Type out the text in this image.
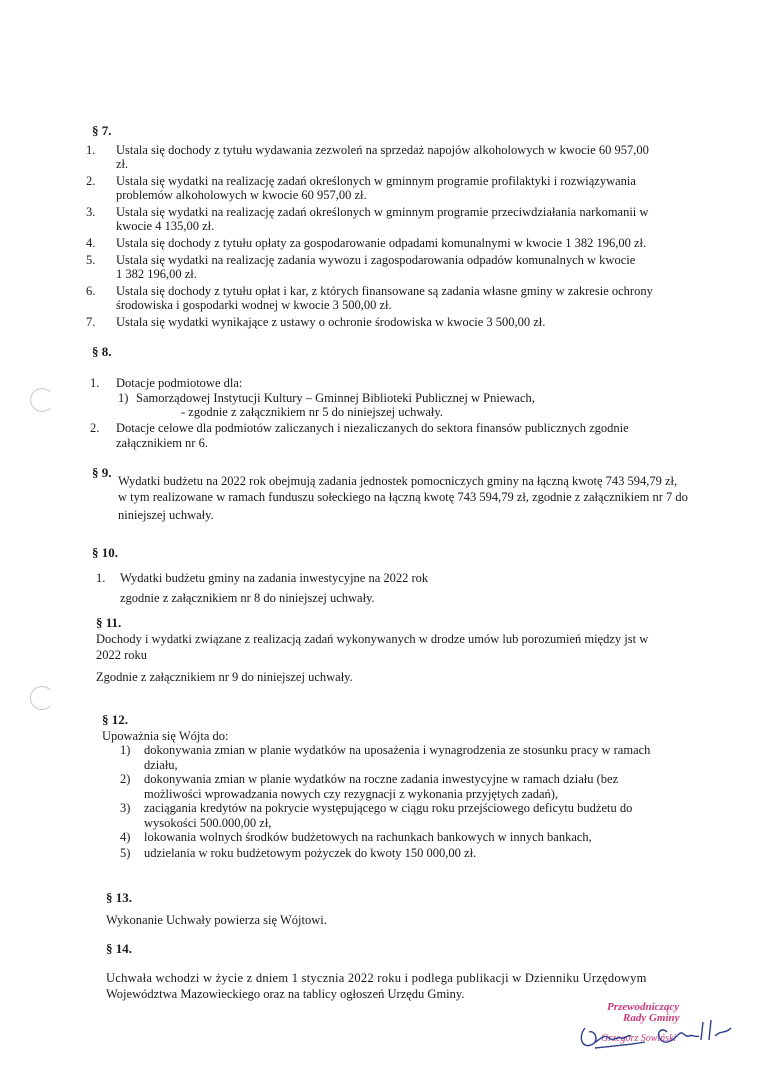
§ 7.
1. Ustala się dochody z tytułu wydawania zezwoleń na sprzedaż napojów alkoholowych w kwocie 60 957,00
zł.
2. Ustala się wydatki na realizację zadań określonych w gminnym programie profilaktyki i rozwiązywania
problemów alkoholowych w kwocie 60 957,00 zł.
3. Ustala się wydatki na realizację zadań określonych w gminnym programie przeciwdziałania narkomanii w
kwocie 4 135,00 zł.
4. Ustala się dochody z tytułu opłaty za gospodarowanie odpadami komunalnymi w kwocie 1 382 196,00 zł.
5. Ustala się wydatki na realizację zadania wywozu i zagospodarowania odpadów komunalnych w kwocie
1 382 196,00 zł.
6. Ustala się dochody z tytułu opłat i kar, z których finansowane są zadania własne gminy w zakresie ochrony
środowiska i gospodarki wodnej w kwocie 3 500,00 zł.
7. Ustala się wydatki wynikające z ustawy o ochronie środowiska w kwocie 3 500,00 zł.
§ 8.
1. Dotacje podmiotowe dla:
1) Samorządowej Instytucji Kultury – Gminnej Biblioteki Publicznej w Pniewach,
- zgodnie z załącznikiem nr 5 do niniejszej uchwały.
2. Dotacje celowe dla podmiotów zaliczanych i niezaliczanych do sektora finansów publicznych zgodnie
załącznikiem nr 6.
§ 9.
Wydatki budżetu na 2022 rok obejmują zadania jednostek pomocniczych gminy na łączną kwotę 743 594,79 zł,
w tym realizowane w ramach funduszu sołeckiego na łączną kwotę 743 594,79 zł, zgodnie z załącznikiem nr 7 do
niniejszej uchwały.
§ 10.
1. Wydatki budżetu gminy na zadania inwestycyjne na 2022 rok
zgodnie z załącznikiem nr 8 do niniejszej uchwały.
§ 11.
Dochody i wydatki związane z realizacją zadań wykonywanych w drodze umów lub porozumień między jst w
2022 roku
Zgodnie z załącznikiem nr 9 do niniejszej uchwały.
§ 12.
Upoważnia się Wójta do:
1) dokonywania zmian w planie wydatków na uposażenia i wynagrodzenia ze stosunku pracy w ramach
działu,
2) dokonywania zmian w planie wydatków na roczne zadania inwestycyjne w ramach działu (bez
możliwości wprowadzania nowych czy rezygnacji z wykonania przyjętych zadań),
3) zaciągania kredytów na pokrycie występującego w ciągu roku przejściowego deficytu budżetu do
wysokości 500.000,00 zł,
4) lokowania wolnych środków budżetowych na rachunkach bankowych w innych bankach,
5) udzielania w roku budżetowym pożyczek do kwoty 150 000,00 zł.
§ 13.
Wykonanie Uchwały powierza się Wójtowi.
§ 14.
Uchwała wchodzi w życie z dniem 1 stycznia 2022 roku i podlega publikacji w Dzienniku Urzędowym
Województwa Mazowieckiego oraz na tablicy ogłoszeń Urzędu Gminy.
Przewodniczący
Rady Gminy
Grzegorz Sowiński
